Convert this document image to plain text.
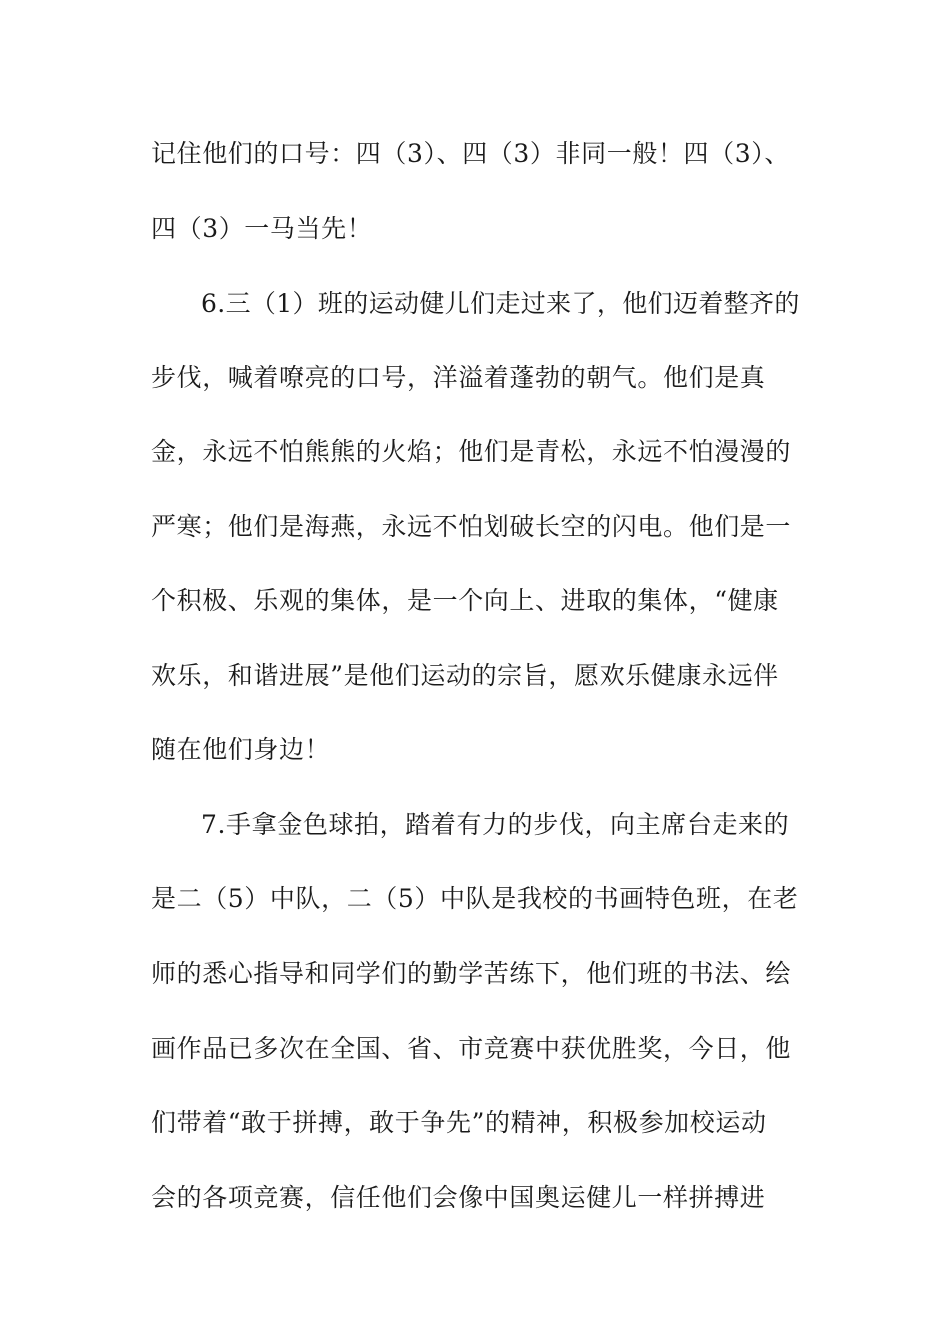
记住他们的口号：四（3）、四（3）非同一般！四（3）、
四（3）一马当先！
6.三（1）班的运动健儿们走过来了，他们迈着整齐的
步伐，喊着嘹亮的口号，洋溢着蓬勃的朝气。他们是真
金，永远不怕熊熊的火焰；他们是青松，永远不怕漫漫的
严寒；他们是海燕，永远不怕划破长空的闪电。他们是一
个积极、乐观的集体，是一个向上、进取的集体，“健康
欢乐，和谐进展”是他们运动的宗旨，愿欢乐健康永远伴
随在他们身边！
7.手拿金色球拍，踏着有力的步伐，向主席台走来的
是二（5）中队，二（5）中队是我校的书画特色班，在老
师的悉心指导和同学们的勤学苦练下，他们班的书法、绘
画作品已多次在全国、省、市竞赛中获优胜奖，今日，他
们带着“敢于拼搏，敢于争先”的精神，积极参加校运动
会的各项竞赛，信任他们会像中国奥运健儿一样拼搏进
